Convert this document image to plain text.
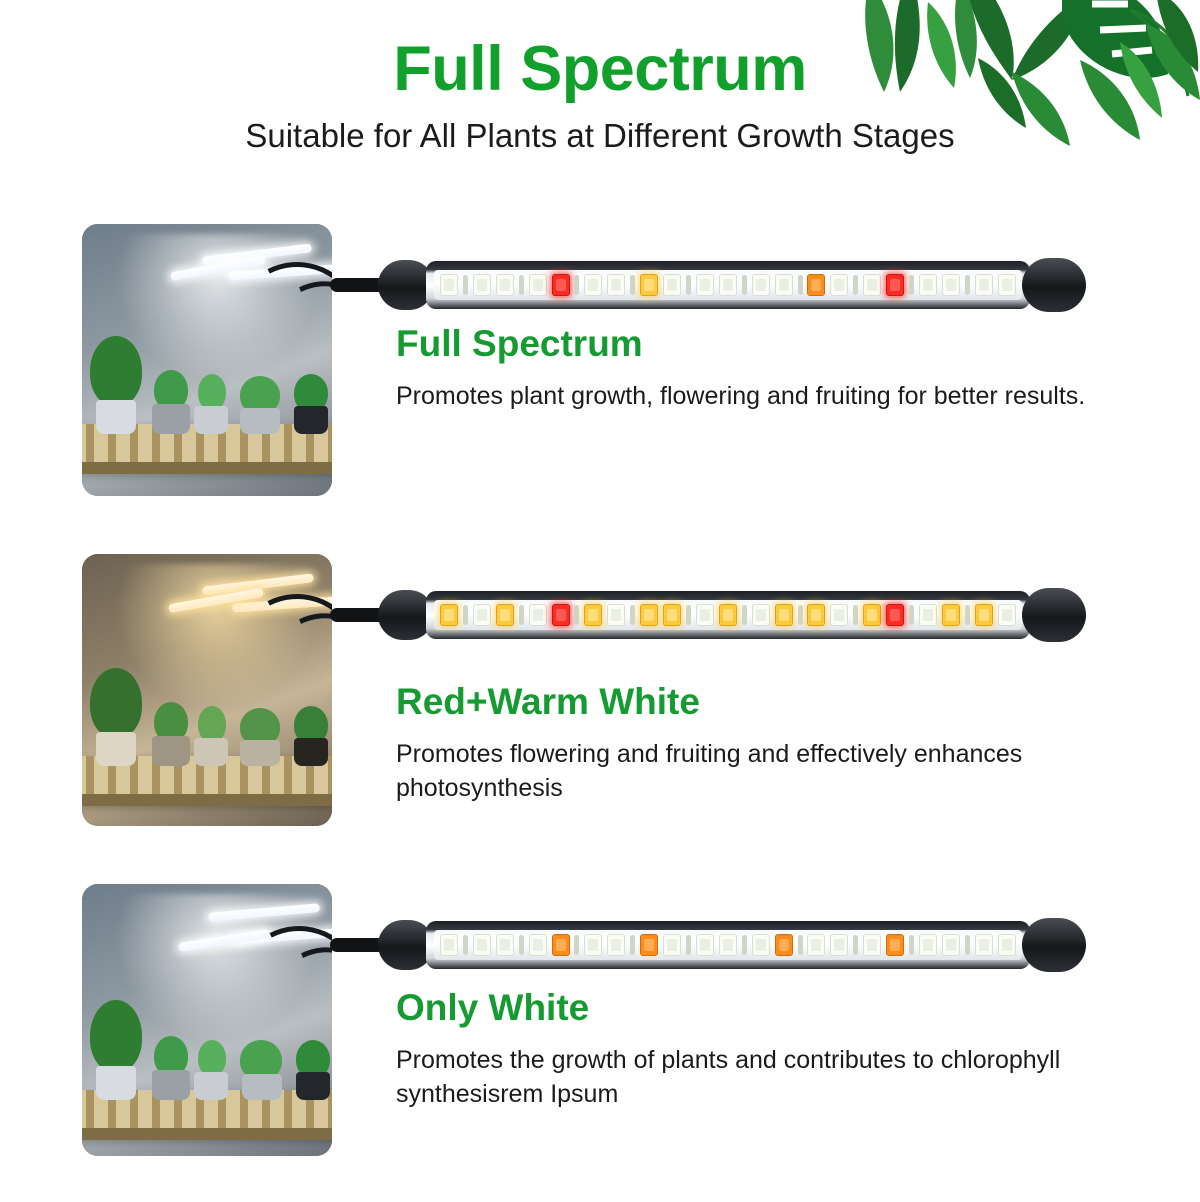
Full Spectrum

Suitable for All Plants at Different Growth Stages

Full Spectrum

Promotes plant growth, flowering and fruiting for better results.

Red+Warm White

Promotes flowering and fruiting and effectively enhances photosynthesis

Only White

Promotes the growth of plants and contributes to chlorophyll synthesisrem Ipsum
